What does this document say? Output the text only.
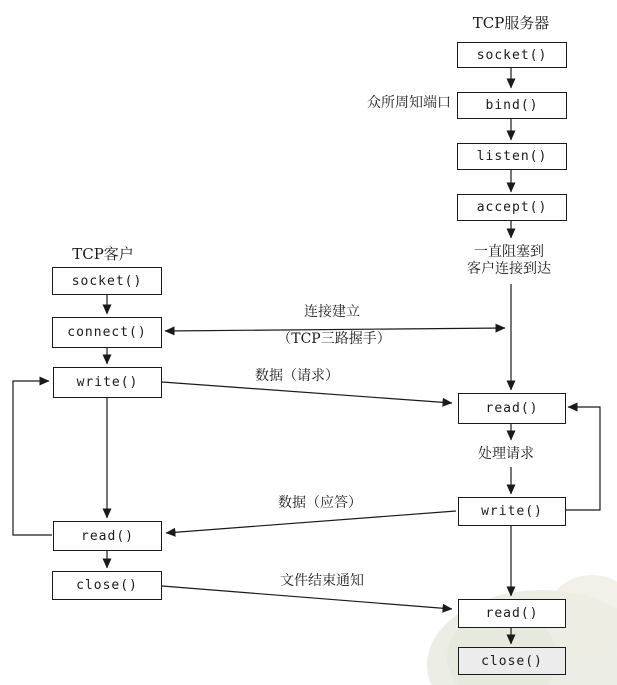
TCP服务器
TCP客户
socket()
bind()
listen()
accept()
read()
write()
read()
close()
socket()
connect()
write()
read()
close()
众所周知端口
一直阻塞到
客户连接到达
连接建立
（TCP三路握手）
数据（请求）
处理请求
数据（应答）
文件结束通知
